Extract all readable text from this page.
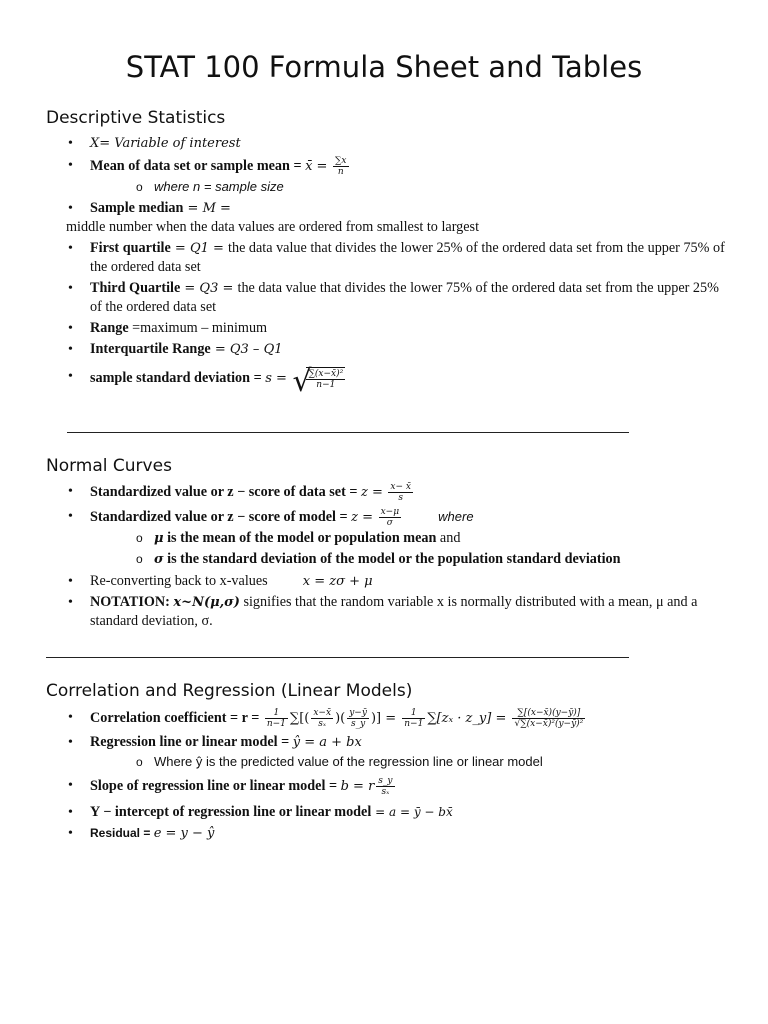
STAT 100 Formula Sheet and Tables
Descriptive Statistics
• X= Variable of interest
• Mean of data set or sample mean = x̄ = $\frac{\sum x}{n}$
o where n = sample size
• Sample median = M =
middle number when the data values are ordered from smallest to largest
• First quartile = Q1 = the data value that divides the lower 25% of the ordered data set from the upper 75% of the ordered data set
• Third Quartile = Q3 = the data value that divides the lower 75% of the ordered data set from the upper 25% of the ordered data set
• Range =maximum – minimum
• Interquartile Range = Q3 – Q1
• sample standard deviation = s = √
$\frac{\text{∑(x−x̄)²}}{n-1}$
Normal Curves
• Standardized value or z − score of data set = $z = \frac{x- x̄}{s}$
• Standardized value or z − score of model = $z = \frac{x-\mu}{\sigma}$	where
o μ is the mean of the model or population mean and
o σ is the standard deviation of the model or the population standard deviation
• Re-converting back to x-values	x = zσ + μ
• NOTATION: x~N(μ,σ) signifies that the random variable x is normally distributed with a mean, μ and a standard deviation, σ.
Correlation and Regression (Linear Models)
• Correlation coefficient = $r = \frac{1}{n-1}$ ∑[( $\frac{x-x̄}{\text{sₓ}}$ )( $\frac{y-ȳ}{s\_y}$ )] = $\frac{1}{n-1} \sum[z_x$ · z_y] = $\frac{\sum[(x-x̄)(y-ȳ)]}{\text{√∑(x−x̄)²(y−ȳ)²}}$
• Regression line or linear model = ŷ = a + bx
o Where ŷ is the predicted value of the regression line or linear model
• Slope of regression line or linear model = b = r $\frac{s\_y}{\text{sₓ}}$
• Y − intercept of regression line or linear model = a = ȳ − bx̄
• Residual = e = y − ŷ
